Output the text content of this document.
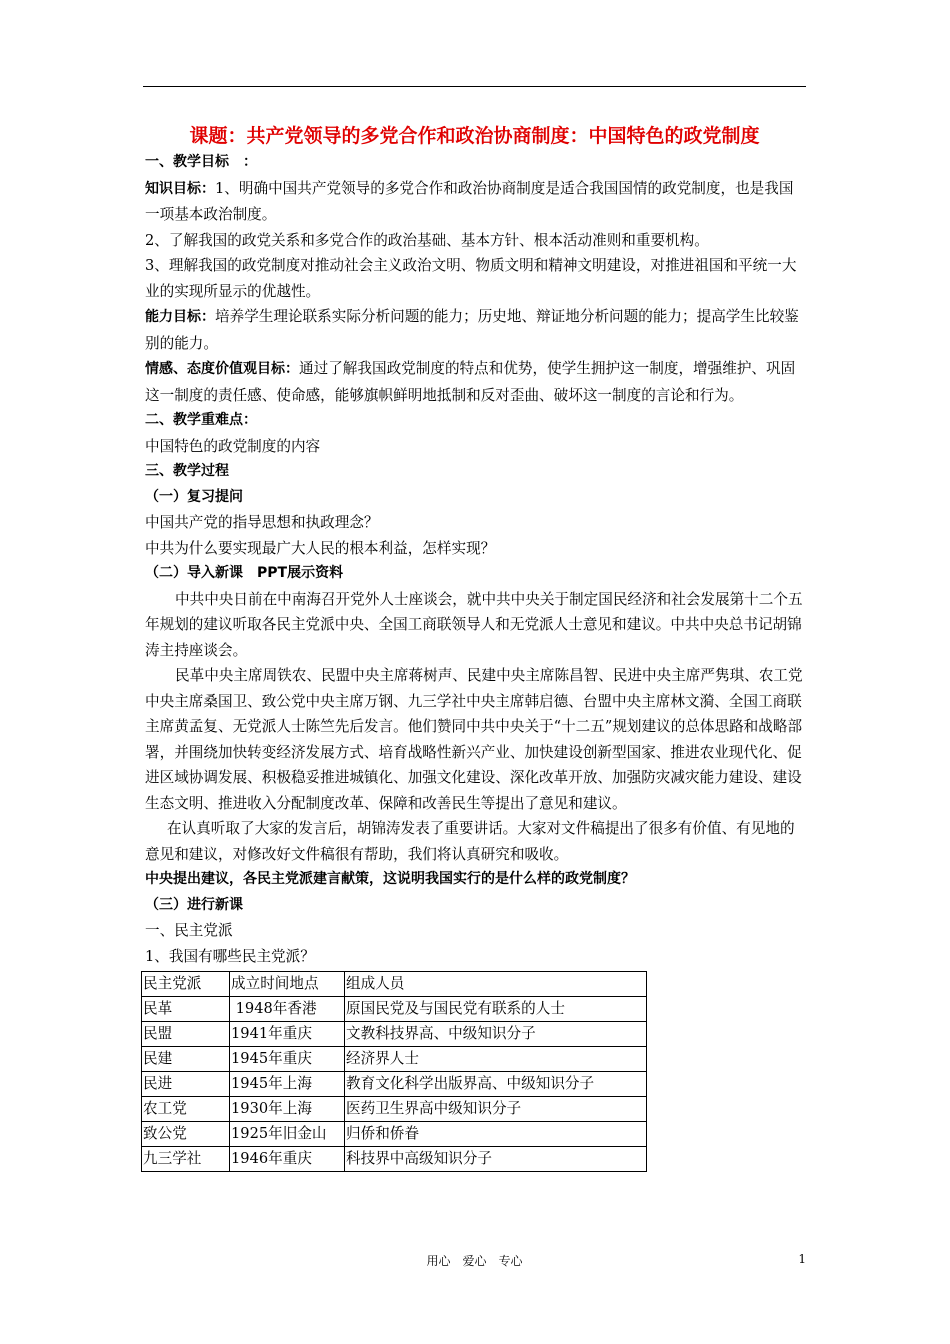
课题：共产党领导的多党合作和政治协商制度：中国特色的政党制度

一、教学目标　：

知识目标：1、明确中国共产党领导的多党合作和政治协商制度是适合我国国情的政党制度，也是我国一项基本政治制度。

2、了解我国的政党关系和多党合作的政治基础、基本方针、根本活动准则和重要机构。

3、理解我国的政党制度对推动社会主义政治文明、物质文明和精神文明建设，对推进祖国和平统一大业的实现所显示的优越性。

能力目标：培养学生理论联系实际分析问题的能力；历史地、辩证地分析问题的能力；提高学生比较鉴别的能力。

情感、态度价值观目标：通过了解我国政党制度的特点和优势，使学生拥护这一制度，增强维护、巩固这一制度的责任感、使命感，能够旗帜鲜明地抵制和反对歪曲、破坏这一制度的言论和行为。

二、教学重难点：

中国特色的政党制度的内容

三、教学过程

（一）复习提问

中国共产党的指导思想和执政理念？

中共为什么要实现最广大人民的根本利益，怎样实现？

（二）导入新课　PPT展示资料

中共中央日前在中南海召开党外人士座谈会，就中共中央关于制定国民经济和社会发展第十二个五年规划的建议听取各民主党派中央、全国工商联领导人和无党派人士意见和建议。中共中央总书记胡锦涛主持座谈会。

民革中央主席周铁农、民盟中央主席蒋树声、民建中央主席陈昌智、民进中央主席严隽琪、农工党中央主席桑国卫、致公党中央主席万钢、九三学社中央主席韩启德、台盟中央主席林文漪、全国工商联主席黄孟复、无党派人士陈竺先后发言。他们赞同中共中央关于“十二五”规划建议的总体思路和战略部署，并围绕加快转变经济发展方式、培育战略性新兴产业、加快建设创新型国家、推进农业现代化、促进区域协调发展、积极稳妥推进城镇化、加强文化建设、深化改革开放、加强防灾减灾能力建设、建设生态文明、推进收入分配制度改革、保障和改善民生等提出了意见和建议。

在认真听取了大家的发言后，胡锦涛发表了重要讲话。大家对文件稿提出了很多有价值、有见地的意见和建议，对修改好文件稿很有帮助，我们将认真研究和吸收。

中央提出建议，各民主党派建言献策，这说明我国实行的是什么样的政党制度？

（三）进行新课

一、民主党派

1、我国有哪些民主党派？

民主党派	成立时间地点	组成人员
民革	1948年香港	原国民党及与国民党有联系的人士
民盟	1941年重庆	文教科技界高、中级知识分子
民建	1945年重庆	经济界人士
民进	1945年上海	教育文化科学出版界高、中级知识分子
农工党	1930年上海	医药卫生界高中级知识分子
致公党	1925年旧金山	归侨和侨眷
九三学社	1946年重庆	科技界中高级知识分子
用心　爱心　专心	1
